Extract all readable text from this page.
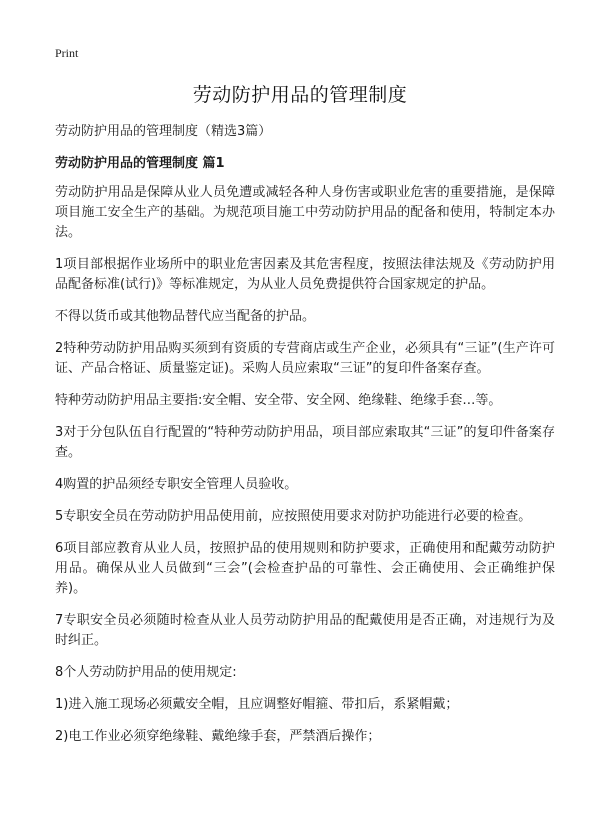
Print
劳动防护用品的管理制度

劳动防护用品的管理制度（精选3篇）

劳动防护用品的管理制度 篇1

劳动防护用品是保障从业人员免遭或减轻各种人身伤害或职业危害的重要措施，是保障项目施工安全生产的基础。为规范项目施工中劳动防护用品的配备和使用，特制定本办法。

1项目部根据作业场所中的职业危害因素及其危害程度，按照法律法规及《劳动防护用品配备标准(试行)》等标准规定，为从业人员免费提供符合国家规定的护品。

不得以货币或其他物品替代应当配备的护品。

2特种劳动防护用品购买须到有资质的专营商店或生产企业，必须具有“三证”(生产许可证、产品合格证、质量鉴定证)。采购人员应索取“三证”的复印件备案存查。

特种劳动防护用品主要指:安全帽、安全带、安全网、绝缘鞋、绝缘手套…等。

3对于分包队伍自行配置的“特种劳动防护用品，项目部应索取其“三证”的复印件备案存查。

4购置的护品须经专职安全管理人员验收。

5专职安全员在劳动防护用品使用前，应按照使用要求对防护功能进行必要的检查。

6项目部应教育从业人员，按照护品的使用规则和防护要求，正确使用和配戴劳动防护用品。确保从业人员做到“三会”(会检查护品的可靠性、会正确使用、会正确维护保养)。

7专职安全员必须随时检查从业人员劳动防护用品的配戴使用是否正确，对违规行为及时纠正。

8个人劳动防护用品的使用规定:

1)进入施工现场必须戴安全帽，且应调整好帽箍、带扣后，系紧帽戴；

2)电工作业必须穿绝缘鞋、戴绝缘手套，严禁酒后操作；
